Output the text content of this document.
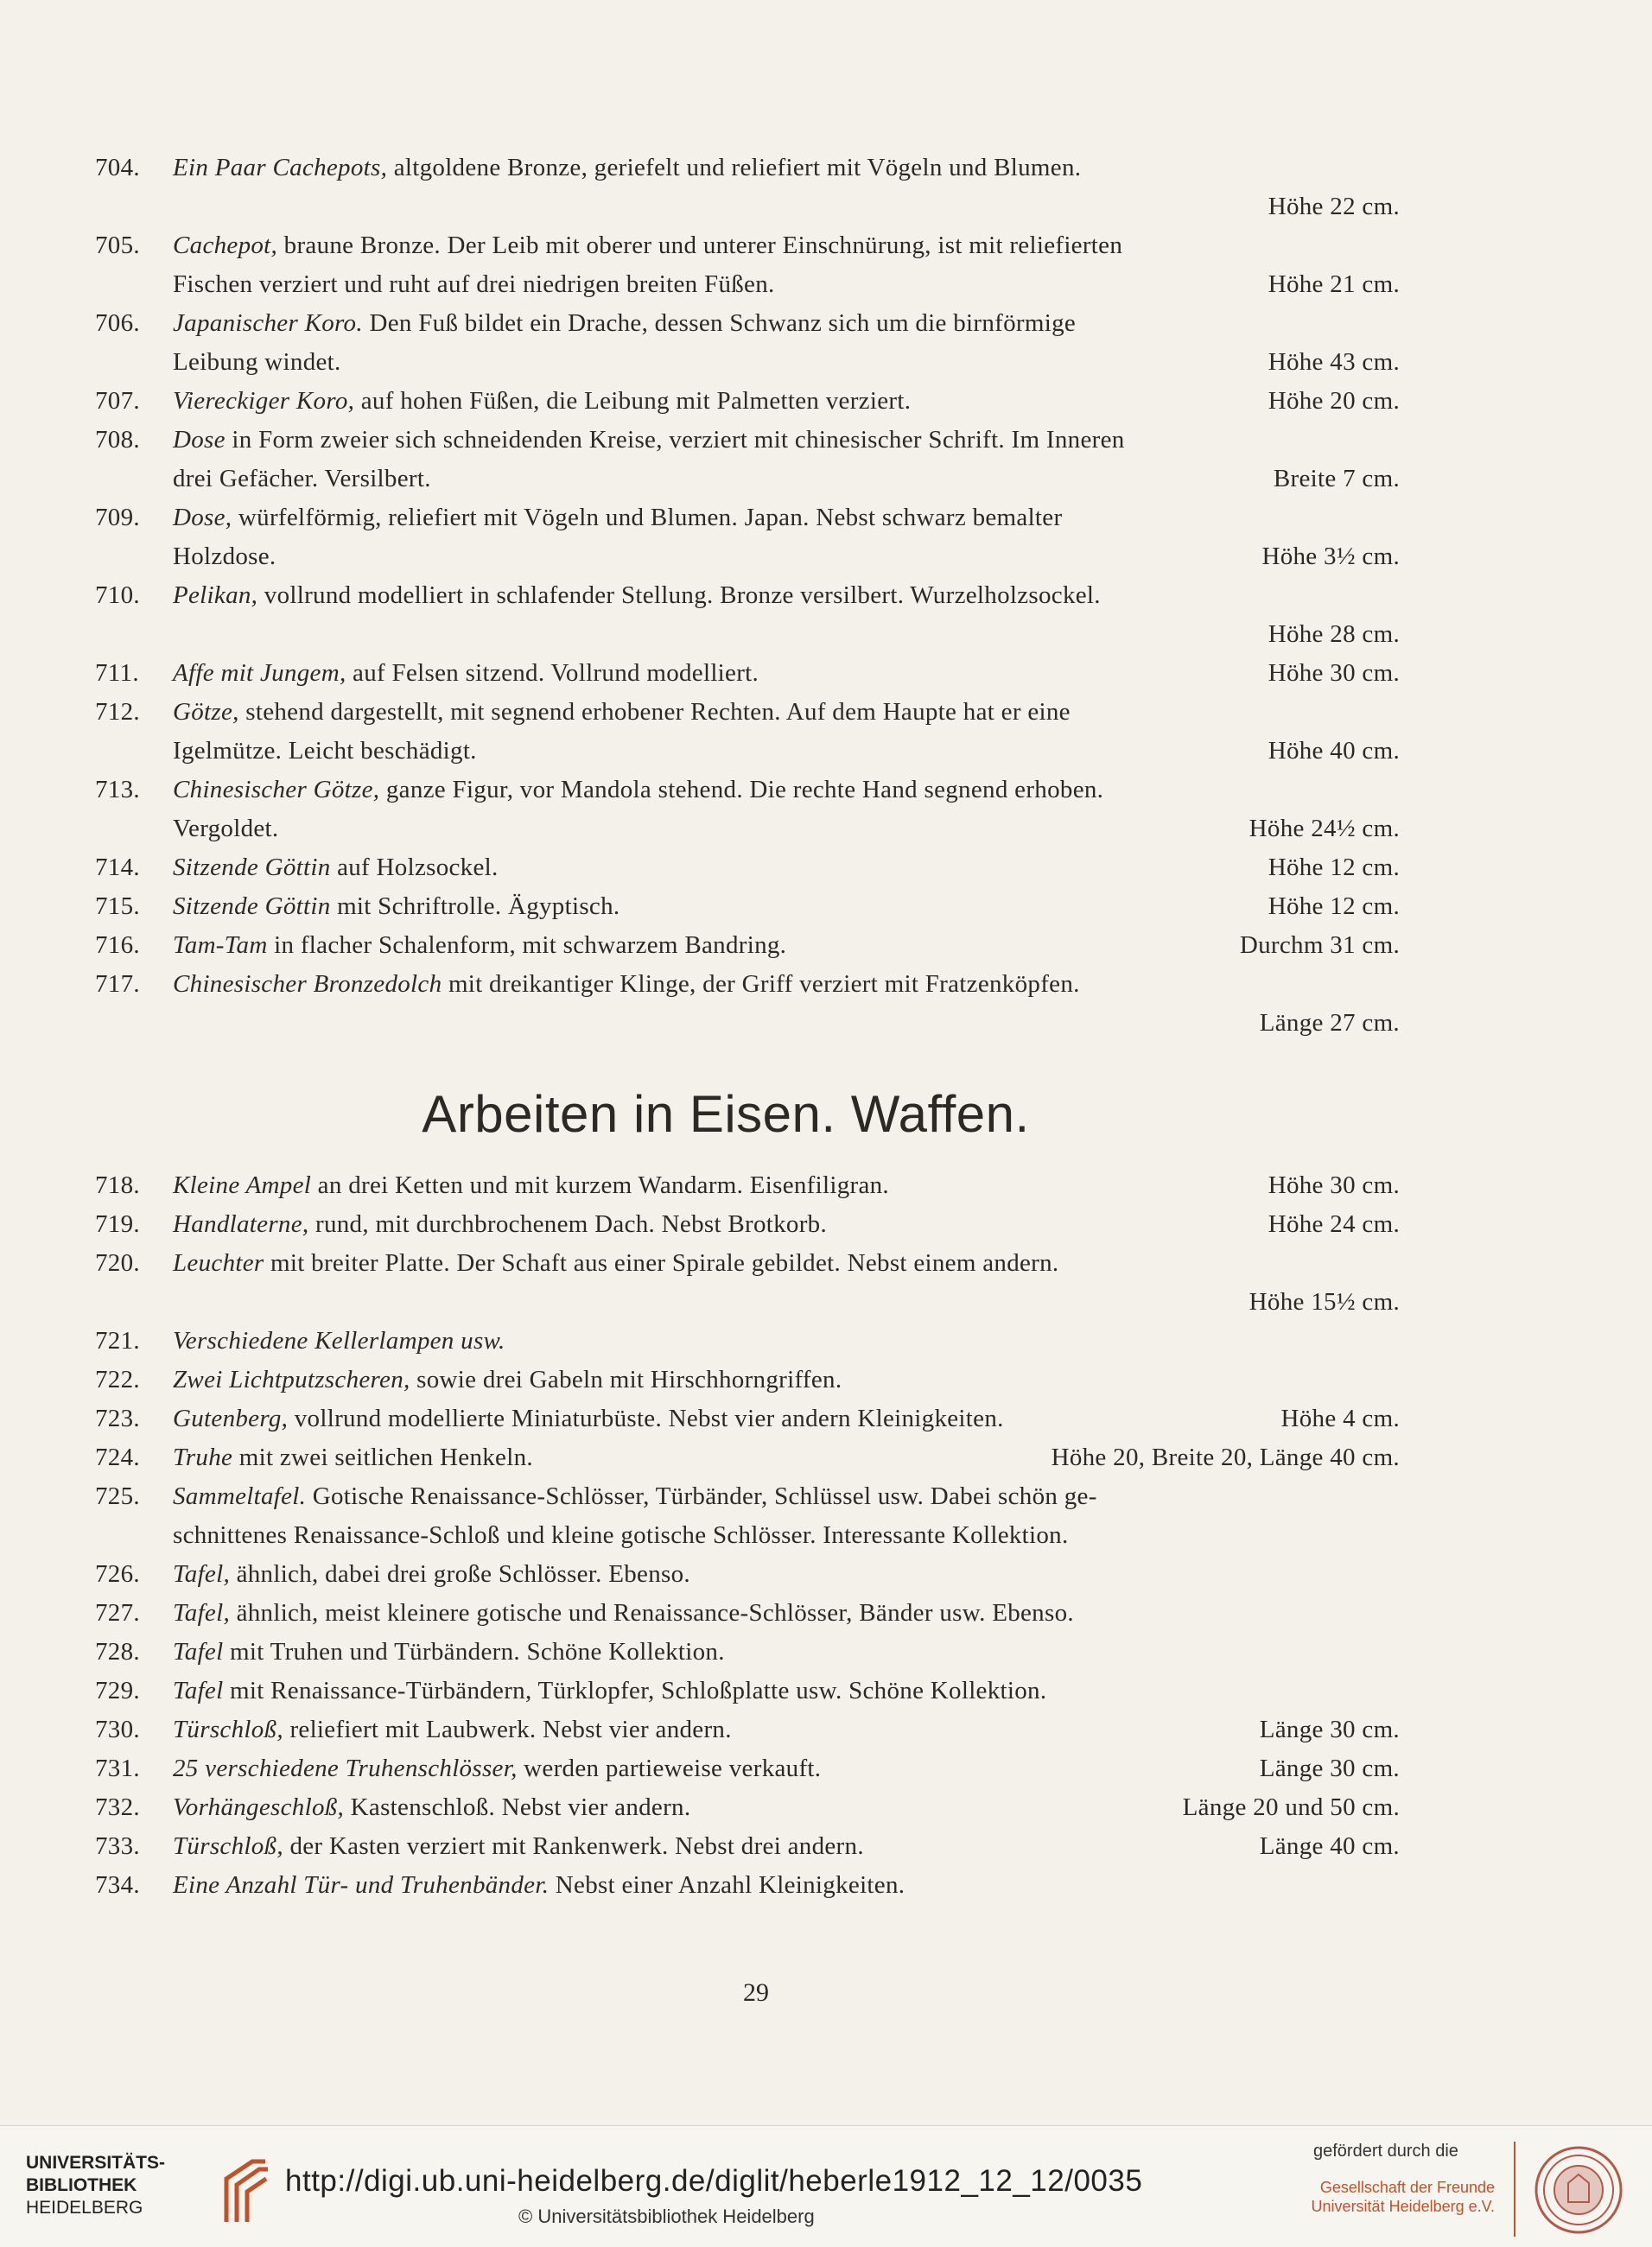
704.	Ein Paar Cachepots, altgoldene Bronze, geriefelt und reliefiert mit Vögeln und Blumen.
Höhe 22 cm.
705.	Cachepot, braune Bronze. Der Leib mit oberer und unterer Einschnürung, ist mit reliefierten
Fischen verziert und ruht auf drei niedrigen breiten Füßen.	Höhe 21 cm.
706.	Japanischer Koro. Den Fuß bildet ein Drache, dessen Schwanz sich um die birnförmige
Leibung windet.	Höhe 43 cm.
707.	Viereckiger Koro, auf hohen Füßen, die Leibung mit Palmetten verziert.	Höhe 20 cm.
708.	Dose in Form zweier sich schneidenden Kreise, verziert mit chinesischer Schrift. Im Inneren
drei Gefächer. Versilbert.	Breite 7 cm.
709.	Dose, würfelförmig, reliefiert mit Vögeln und Blumen. Japan. Nebst schwarz bemalter
Holzdose.	Höhe 3½ cm.
710.	Pelikan, vollrund modelliert in schlafender Stellung. Bronze versilbert. Wurzelholzsockel.
Höhe 28 cm.
711.	Affe mit Jungem, auf Felsen sitzend. Vollrund modelliert.	Höhe 30 cm.
712.	Götze, stehend dargestellt, mit segnend erhobener Rechten. Auf dem Haupte hat er eine
Igelmütze. Leicht beschädigt.	Höhe 40 cm.
713.	Chinesischer Götze, ganze Figur, vor Mandola stehend. Die rechte Hand segnend erhoben.
Vergoldet.	Höhe 24½ cm.
714.	Sitzende Göttin auf Holzsockel.	Höhe 12 cm.
715.	Sitzende Göttin mit Schriftrolle. Ägyptisch.	Höhe 12 cm.
716.	Tam-Tam in flacher Schalenform, mit schwarzem Bandring.	Durchm 31 cm.
717.	Chinesischer Bronzedolch mit dreikantiger Klinge, der Griff verziert mit Fratzenköpfen.
Länge 27 cm.
718.	Kleine Ampel an drei Ketten und mit kurzem Wandarm. Eisenfiligran.	Höhe 30 cm.
719.	Handlaterne, rund, mit durchbrochenem Dach. Nebst Brotkorb.	Höhe 24 cm.
720.	Leuchter mit breiter Platte. Der Schaft aus einer Spirale gebildet. Nebst einem andern.
Höhe 15½ cm.
721.	Verschiedene Kellerlampen usw.
722.	Zwei Lichtputzscheren, sowie drei Gabeln mit Hirschhorngriffen.
723.	Gutenberg, vollrund modellierte Miniaturbüste. Nebst vier andern Kleinigkeiten.	Höhe 4 cm.
724.	Truhe mit zwei seitlichen Henkeln.	Höhe 20, Breite 20, Länge 40 cm.
725.	Sammeltafel. Gotische Renaissance-Schlösser, Türbänder, Schlüssel usw. Dabei schön ge-
schnittenes Renaissance-Schloß und kleine gotische Schlösser. Interessante Kollektion.
726.	Tafel, ähnlich, dabei drei große Schlösser. Ebenso.
727.	Tafel, ähnlich, meist kleinere gotische und Renaissance-Schlösser, Bänder usw. Ebenso.
728.	Tafel mit Truhen und Türbändern. Schöne Kollektion.
729.	Tafel mit Renaissance-Türbändern, Türklopfer, Schloßplatte usw. Schöne Kollektion.
730.	Türschloß, reliefiert mit Laubwerk. Nebst vier andern.	Länge 30 cm.
731.	25 verschiedene Truhenschlösser, werden partieweise verkauft.	Länge 30 cm.
732.	Vorhängeschloß, Kastenschloß. Nebst vier andern.	Länge 20 und 50 cm.
733.	Türschloß, der Kasten verziert mit Rankenwerk. Nebst drei andern.	Länge 40 cm.
734.	Eine Anzahl Tür- und Truhenbänder. Nebst einer Anzahl Kleinigkeiten.
Arbeiten in Eisen. Waffen.
29
UNIVERSITÄTS-
BIBLIOTHEK
HEIDELBERG
http://digi.ub.uni-heidelberg.de/diglit/heberle1912_12_12/0035
© Universitätsbibliothek Heidelberg
gefördert durch die
Gesellschaft der Freunde
Universität Heidelberg e.V.
